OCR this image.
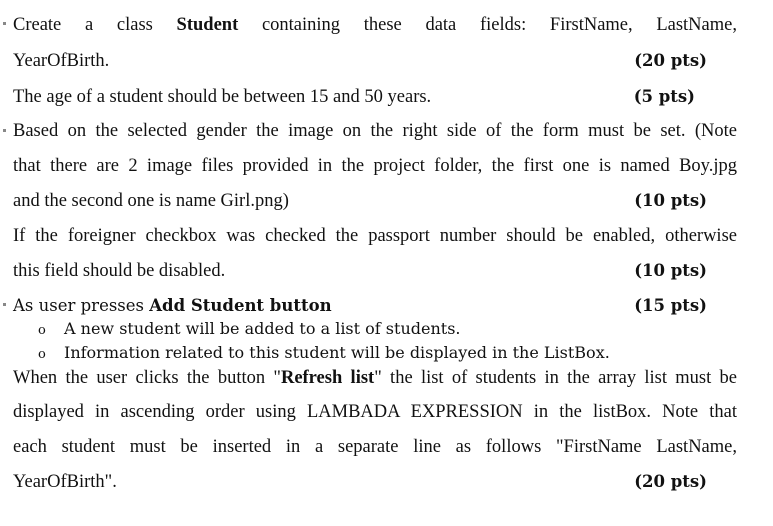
Create a class Student containing these data fields: FirstName, LastName,
YearOfBirth.	(20 pts)
The age of a student should be between 15 and 50 years.	(5 pts)
Based on the selected gender the image on the right side of the form must be set. (Note
that there are 2 image files provided in the project folder, the first one is named Boy.jpg
and the second one is name Girl.png)	(10 pts)
If the foreigner checkbox was checked the passport number should be enabled, otherwise
this field should be disabled.	(10 pts)
As user presses Add Student button	(15 pts)
o A new student will be added to a list of students.
o Information related to this student will be displayed in the ListBox.
When the user clicks the button "Refresh list" the list of students in the array list must be
displayed in ascending order using LAMBADA EXPRESSION in the listBox. Note that
each student must be inserted in a separate line as follows "FirstName LastName,
YearOfBirth".	(20 pts)
